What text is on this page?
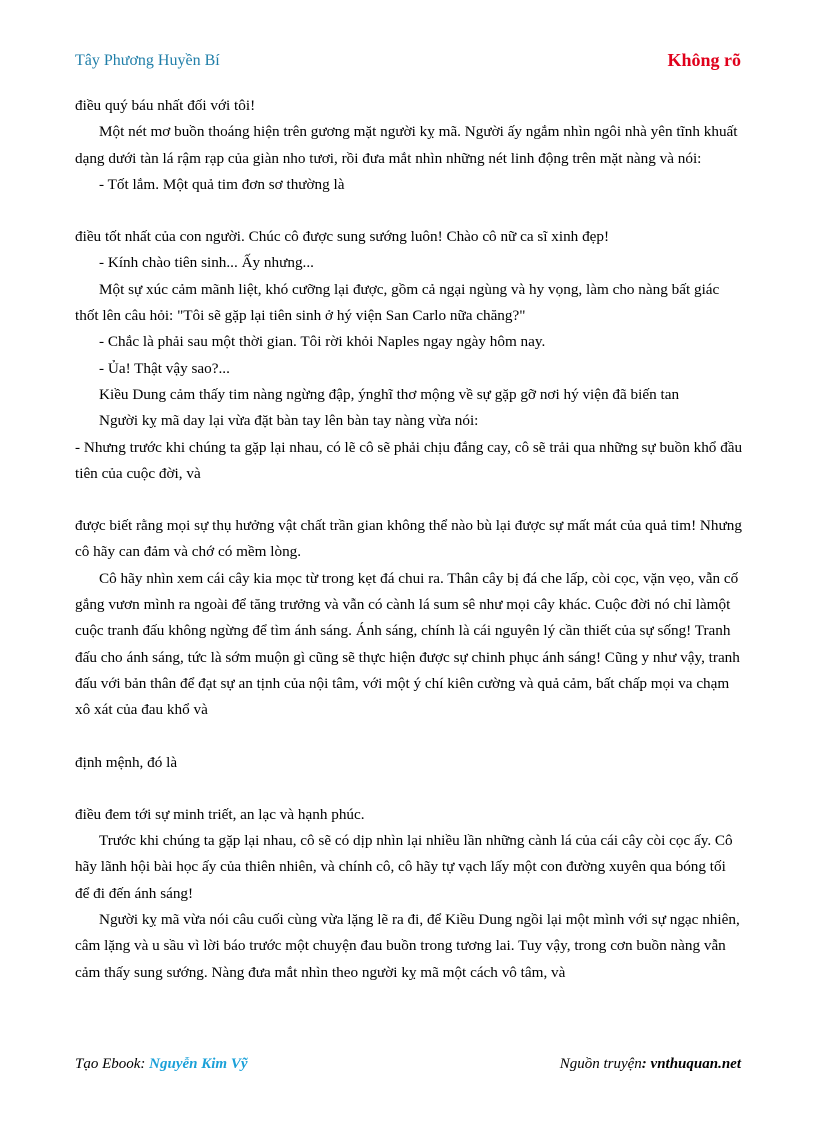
Tây Phương Huyền Bí	Không rõ

điều quý báu nhất đối với tôi!

Một nét mơ buồn thoáng hiện trên gương mặt người kỵ mã. Người ấy ngắm nhìn ngôi nhà yên tĩnh khuất dạng dưới tàn lá rậm rạp của giàn nho tươi, rồi đưa mắt nhìn những nét linh động trên mặt nàng và nói:

- Tốt lắm. Một quả tim đơn sơ thường là

điều tốt nhất của con người. Chúc cô được sung sướng luôn! Chào cô nữ ca sĩ xinh đẹp!

- Kính chào tiên sinh... Ấy nhưng...

Một sự xúc cảm mãnh liệt, khó cưỡng lại được, gồm cả ngại ngùng và hy vọng, làm cho nàng bất giác thốt lên câu hỏi: "Tôi sẽ gặp lại tiên sinh ở hý viện San Carlo nữa chăng?"

- Chắc là phải sau một thời gian. Tôi rời khỏi Naples ngay ngày hôm nay.

- Ủa! Thật vậy sao?...

Kiều Dung cảm thấy tim nàng ngừng đập, ýnghĩ thơ mộng về sự gặp gỡ nơi hý viện đã biến tan

Người kỵ mã day lại vừa đặt bàn tay lên bàn tay nàng vừa nói:

- Nhưng trước khi chúng ta gặp lại nhau, có lẽ cô sẽ phải chịu đắng cay, cô sẽ trải qua những sự buồn khổ đầu tiên của cuộc đời, và

được biết rằng mọi sự thụ hưởng vật chất trần gian không thể nào bù lại được sự mất mát của quả tim! Nhưng cô hãy can đảm và chớ có mềm lòng.

Cô hãy nhìn xem cái cây kia mọc từ trong kẹt đá chui ra. Thân cây bị đá che lấp, còi cọc, vặn vẹo, vẫn cố gắng vươn mình ra ngoài để tăng trưởng và vẫn có cành lá sum sê như mọi cây khác. Cuộc đời nó chỉ làmột cuộc tranh đấu không ngừng để tìm ánh sáng. Ánh sáng, chính là cái nguyên lý cần thiết của sự sống! Tranh đấu cho ánh sáng, tức là sớm muộn gì cũng sẽ thực hiện được sự chinh phục ánh sáng! Cũng y như vậy, tranh đấu với bản thân để đạt sự an tịnh của nội tâm, với một ý chí kiên cường và quả cảm, bất chấp mọi va chạm xô xát của đau khổ và

định mệnh, đó là

điều đem tới sự minh triết, an lạc và hạnh phúc.

Trước khi chúng ta gặp lại nhau, cô sẽ có dịp nhìn lại nhiều lần những cành lá của cái cây còi cọc ấy. Cô hãy lãnh hội bài học ấy của thiên nhiên, và chính cô, cô hãy tự vạch lấy một con đường xuyên qua bóng tối để đi đến ánh sáng!

Người kỵ mã vừa nói câu cuối cùng vừa lặng lẽ ra đi, để Kiều Dung ngồi lại một mình với sự ngạc nhiên, câm lặng và u sầu vì lời báo trước một chuyện đau buồn trong tương lai. Tuy vậy, trong cơn buồn nàng vẫn cảm thấy sung sướng. Nàng đưa mắt nhìn theo người kỵ mã một cách vô tâm, và

Tạo Ebook: Nguyễn Kim Vỹ	Nguồn truyện: vnthuquan.net
